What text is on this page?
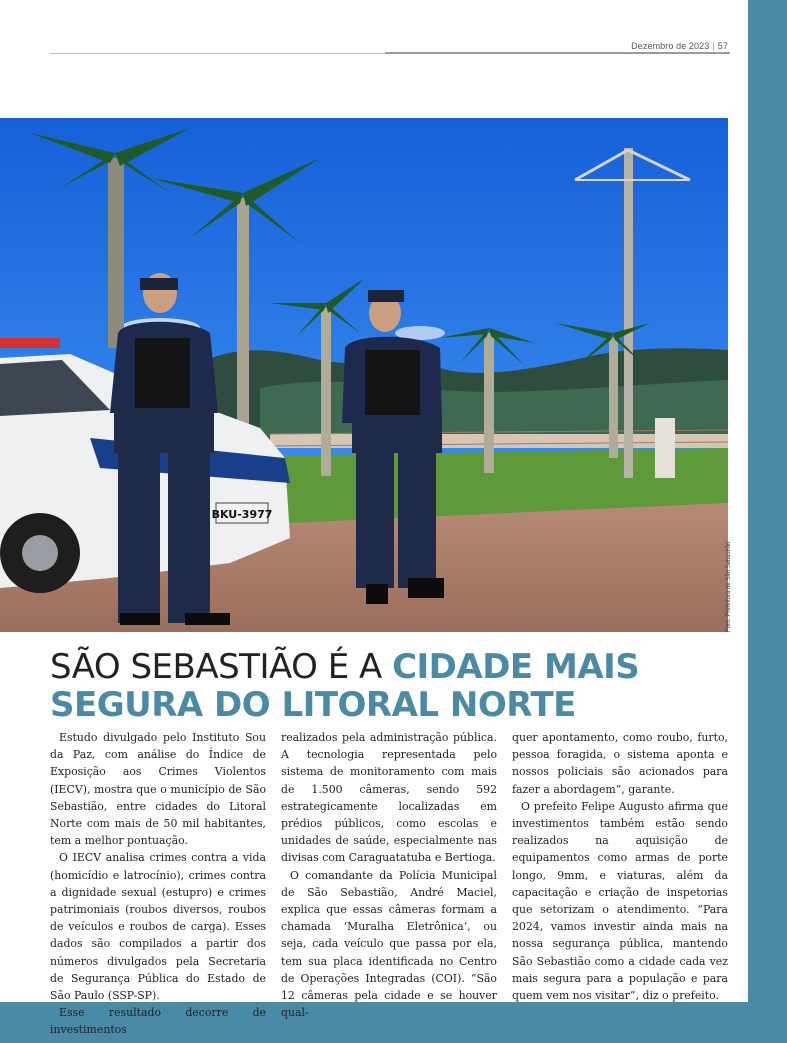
Dezembro de 2023 | 57
BKU-3977
Foto: Prefeitura de São Sebastião
SÃO SEBASTIÃO É A CIDADE MAIS SEGURA DO LITORAL NORTE

Estudo divulgado pelo Instituto Sou da Paz, com análise do Índice de Exposição aos Crimes Violentos (IECV), mostra que o município de São Sebastião, entre cidades do Litoral Norte com mais de 50 mil habitantes, tem a melhor pontuação.

O IECV analisa crimes contra a vida (homicídio e latrocínio), crimes contra a dignidade sexual (estupro) e crimes patrimoniais (roubos diversos, roubos de veículos e roubos de carga). Esses dados são compilados a partir dos números divulgados pela Secretaria de Segurança Pública do Estado de São Paulo (SSP-SP).

Esse resultado decorre de investimentos

realizados pela administração pública. A tecnologia representada pelo sistema de monitoramento com mais de 1.500 câmeras, sendo 592 estrategicamente localizadas em prédios públicos, como escolas e unidades de saúde, especialmente nas divisas com Caraguatatuba e Bertioga.

O comandante da Polícia Municipal de São Sebastião, André Maciel, explica que essas câmeras formam a chamada ‘Muralha Eletrônica’, ou seja, cada veículo que passa por ela, tem sua placa identificada no Centro de Operações Integradas (COI). “São 12 câmeras pela cidade e se houver qual-

quer apontamento, como roubo, furto, pessoa foragida, o sistema aponta e nossos policiais são acionados para fazer a abordagem”, garante.

O prefeito Felipe Augusto afirma que investimentos também estão sendo realizados na aquisição de equipamentos como armas de porte longo, 9mm, e viaturas, além da capacitação e criação de inspetorias que setorizam o atendimento. “Para 2024, vamos investir ainda mais na nossa segurança pública, mantendo São Sebastião como a cidade cada vez mais segura para a população e para quem vem nos visitar”, diz o prefeito.
